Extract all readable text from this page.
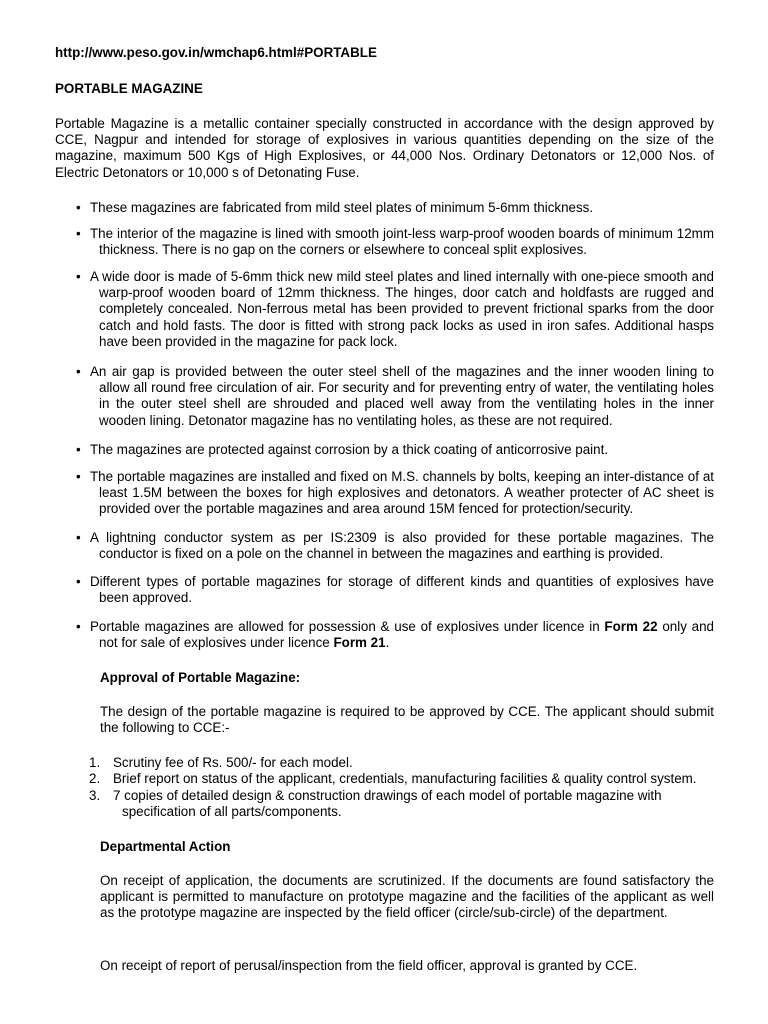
http://www.peso.gov.in/wmchap6.html#PORTABLE

PORTABLE MAGAZINE

Portable Magazine is a metallic container specially constructed in accordance with the design approved by CCE, Nagpur and intended for storage of explosives in various quantities depending on the size of the magazine, maximum 500 Kgs of High Explosives, or 44,000 Nos. Ordinary Detonators or 12,000 Nos. of Electric Detonators or 10,000 s of Detonating Fuse.

• These magazines are fabricated from mild steel plates of minimum 5-6mm thickness.
• The interior of the magazine is lined with smooth joint-less warp-proof wooden boards of minimum 12mm thickness. There is no gap on the corners or elsewhere to conceal split explosives.
• A wide door is made of 5-6mm thick new mild steel plates and lined internally with one-piece smooth and warp-proof wooden board of 12mm thickness. The hinges, door catch and holdfasts are rugged and completely concealed. Non-ferrous metal has been provided to prevent frictional sparks from the door catch and hold fasts. The door is fitted with strong pack locks as used in iron safes. Additional hasps have been provided in the magazine for pack lock.
• An air gap is provided between the outer steel shell of the magazines and the inner wooden lining to allow all round free circulation of air. For security and for preventing entry of water, the ventilating holes in the outer steel shell are shrouded and placed well away from the ventilating holes in the inner wooden lining. Detonator magazine has no ventilating holes, as these are not required.
• The magazines are protected against corrosion by a thick coating of anticorrosive paint.
• The portable magazines are installed and fixed on M.S. channels by bolts, keeping an inter-distance of at least 1.5M between the boxes for high explosives and detonators. A weather protecter of AC sheet is provided over the portable magazines and area around 15M fenced for protection/security.
• A lightning conductor system as per IS:2309 is also provided for these portable magazines. The conductor is fixed on a pole on the channel in between the magazines and earthing is provided.
• Different types of portable magazines for storage of different kinds and quantities of explosives have been approved.
• Portable magazines are allowed for possession & use of explosives under licence in Form 22 only and not for sale of explosives under licence Form 21.

Approval of Portable Magazine:

The design of the portable magazine is required to be approved by CCE. The applicant should submit the following to CCE:-

1. Scrutiny fee of Rs. 500/- for each model.
2. Brief report on status of the applicant, credentials, manufacturing facilities & quality control system.
3. 7 copies of detailed design & construction drawings of each model of portable magazine with specification of all parts/components.

Departmental Action

On receipt of application, the documents are scrutinized. If the documents are found satisfactory the applicant is permitted to manufacture on prototype magazine and the facilities of the applicant as well as the prototype magazine are inspected by the field officer (circle/sub-circle) of the department.

On receipt of report of perusal/inspection from the field officer, approval is granted by CCE.
